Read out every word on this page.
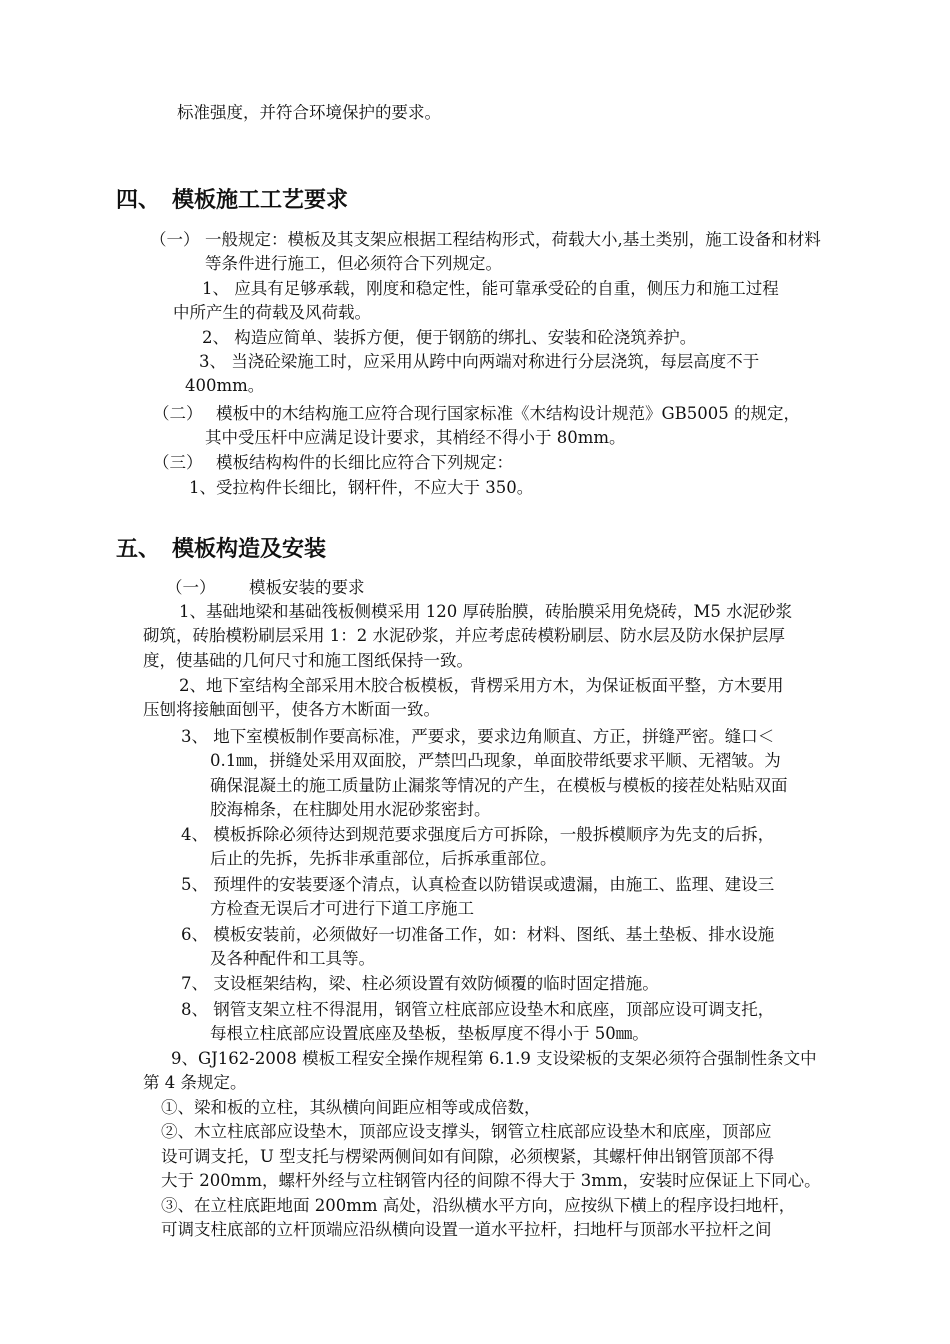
标准强度，并符合环境保护的要求。
四、 模板施工工艺要求
（一） 一般规定：模板及其支架应根据工程结构形式，荷载大小,基土类别，施工设备和材料
等条件进行施工，但必须符合下列规定。
1、 应具有足够承载，刚度和稳定性，能可靠承受砼的自重，侧压力和施工过程
中所产生的荷载及风荷载。
2、 构造应简单、装拆方便，便于钢筋的绑扎、安装和砼浇筑养护。
3、 当浇砼梁施工时，应采用从跨中向两端对称进行分层浇筑，每层高度不于
400mm。
（二） 模板中的木结构施工应符合现行国家标准《木结构设计规范》GB5005 的规定，
其中受压杆中应满足设计要求，其梢经不得小于 80mm。
（三） 模板结构构件的长细比应符合下列规定：
1、受拉构件长细比，钢杆件，不应大于 350。
五、 模板构造及安装
（一） 模板安装的要求
1、基础地梁和基础筏板侧模采用 120 厚砖胎膜，砖胎膜采用免烧砖，M5 水泥砂浆
砌筑，砖胎模粉刷层采用 1：2 水泥砂浆，并应考虑砖模粉刷层、防水层及防水保护层厚
度，使基础的几何尺寸和施工图纸保持一致。
2、地下室结构全部采用木胶合板模板，背楞采用方木，为保证板面平整，方木要用
压刨将接触面刨平，使各方木断面一致。
3、 地下室模板制作要高标准，严要求，要求边角顺直、方正，拼缝严密。缝口＜
0.1㎜，拼缝处采用双面胶，严禁凹凸现象，单面胶带纸要求平顺、无褶皱。为
确保混凝土的施工质量防止漏浆等情况的产生，在模板与模板的接茬处粘贴双面
胶海棉条，在柱脚处用水泥砂浆密封。
4、 模板拆除必须待达到规范要求强度后方可拆除，一般拆模顺序为先支的后拆，
后止的先拆，先拆非承重部位，后拆承重部位。
5、 预埋件的安装要逐个清点，认真检查以防错误或遗漏，由施工、监理、建设三
方检查无误后才可进行下道工序施工
6、 模板安装前，必须做好一切准备工作，如：材料、图纸、基土垫板、排水设施
及各种配件和工具等。
7、 支设框架结构，梁、柱必须设置有效防倾覆的临时固定措施。
8、 钢管支架立柱不得混用，钢管立柱底部应设垫木和底座，顶部应设可调支托，
每根立柱底部应设置底座及垫板，垫板厚度不得小于 50㎜。
9、GJ162-2008 模板工程安全操作规程第 6.1.9 支设梁板的支架必须符合强制性条文中
第 4 条规定。
①、梁和板的立柱，其纵横向间距应相等或成倍数，
②、木立柱底部应设垫木，顶部应设支撑头，钢管立柱底部应设垫木和底座，顶部应
设可调支托，U 型支托与楞梁两侧间如有间隙，必须楔紧，其螺杆伸出钢管顶部不得
大于 200mm，螺杆外经与立柱钢管内径的间隙不得大于 3mm，安装时应保证上下同心。
③、在立柱底距地面 200mm 高处，沿纵横水平方向，应按纵下横上的程序设扫地杆，
可调支柱底部的立杆顶端应沿纵横向设置一道水平拉杆，扫地杆与顶部水平拉杆之间
